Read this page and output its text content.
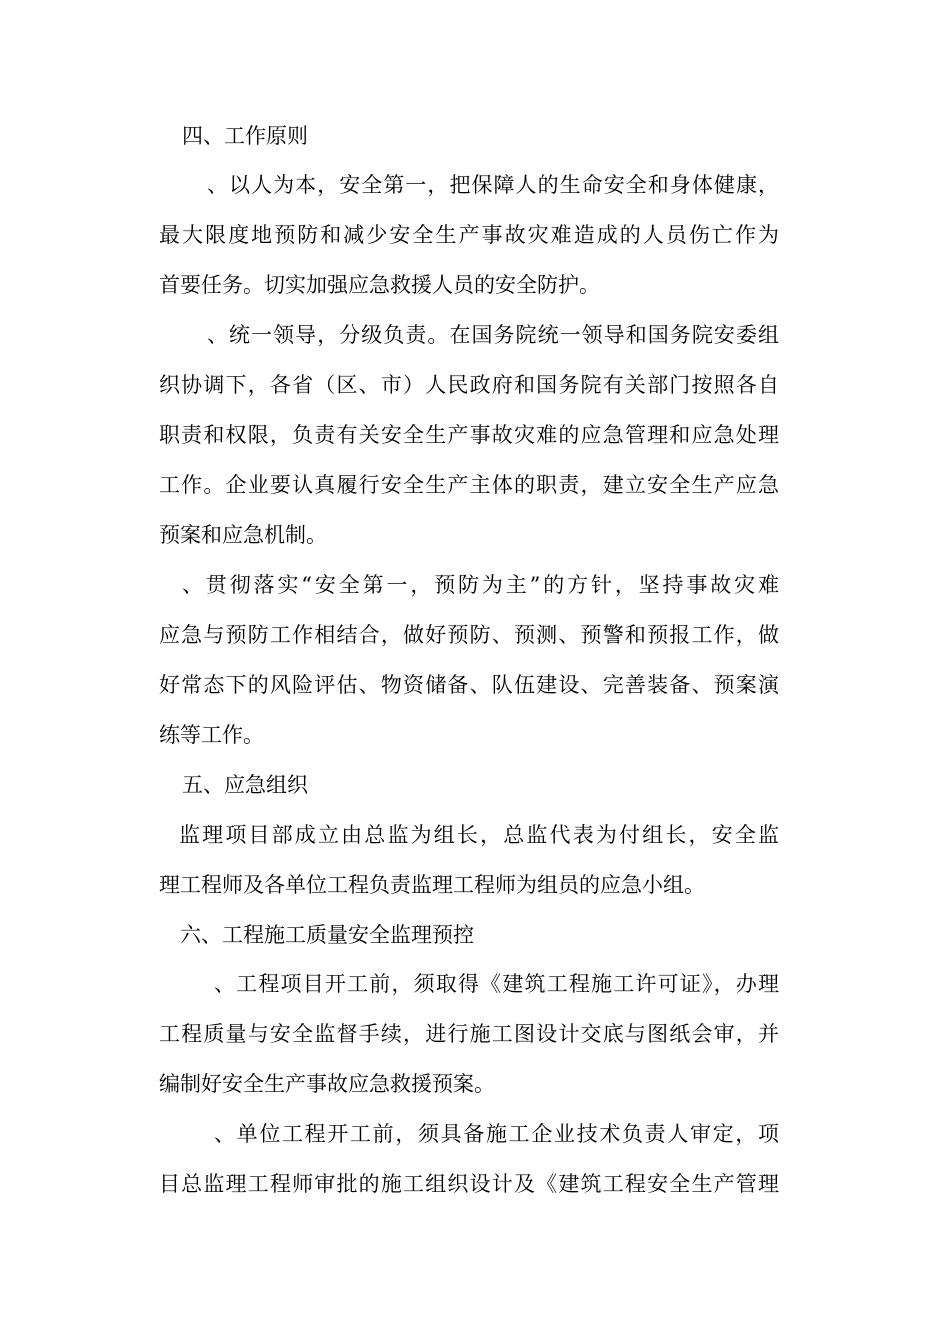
四、工作原则
、以人为本，安全第一，把保障人的生命安全和身体健康，
最大限度地预防和减少安全生产事故灾难造成的人员伤亡作为
首要任务。切实加强应急救援人员的安全防护。
、统一领导，分级负责。在国务院统一领导和国务院安委组
织协调下，各省（区、市）人民政府和国务院有关部门按照各自
职责和权限，负责有关安全生产事故灾难的应急管理和应急处理
工作。企业要认真履行安全生产主体的职责，建立安全生产应急
预案和应急机制。
、贯彻落实“安全第一，预防为主”的方针，坚持事故灾难
应急与预防工作相结合，做好预防、预测、预警和预报工作，做
好常态下的风险评估、物资储备、队伍建设、完善装备、预案演
练等工作。
五、应急组织
监理项目部成立由总监为组长，总监代表为付组长，安全监
理工程师及各单位工程负责监理工程师为组员的应急小组。
六、工程施工质量安全监理预控
、工程项目开工前，须取得《建筑工程施工许可证》，办理
工程质量与安全监督手续，进行施工图设计交底与图纸会审，并
编制好安全生产事故应急救援预案。
、单位工程开工前，须具备施工企业技术负责人审定，项
目总监理工程师审批的施工组织设计及《建筑工程安全生产管理
